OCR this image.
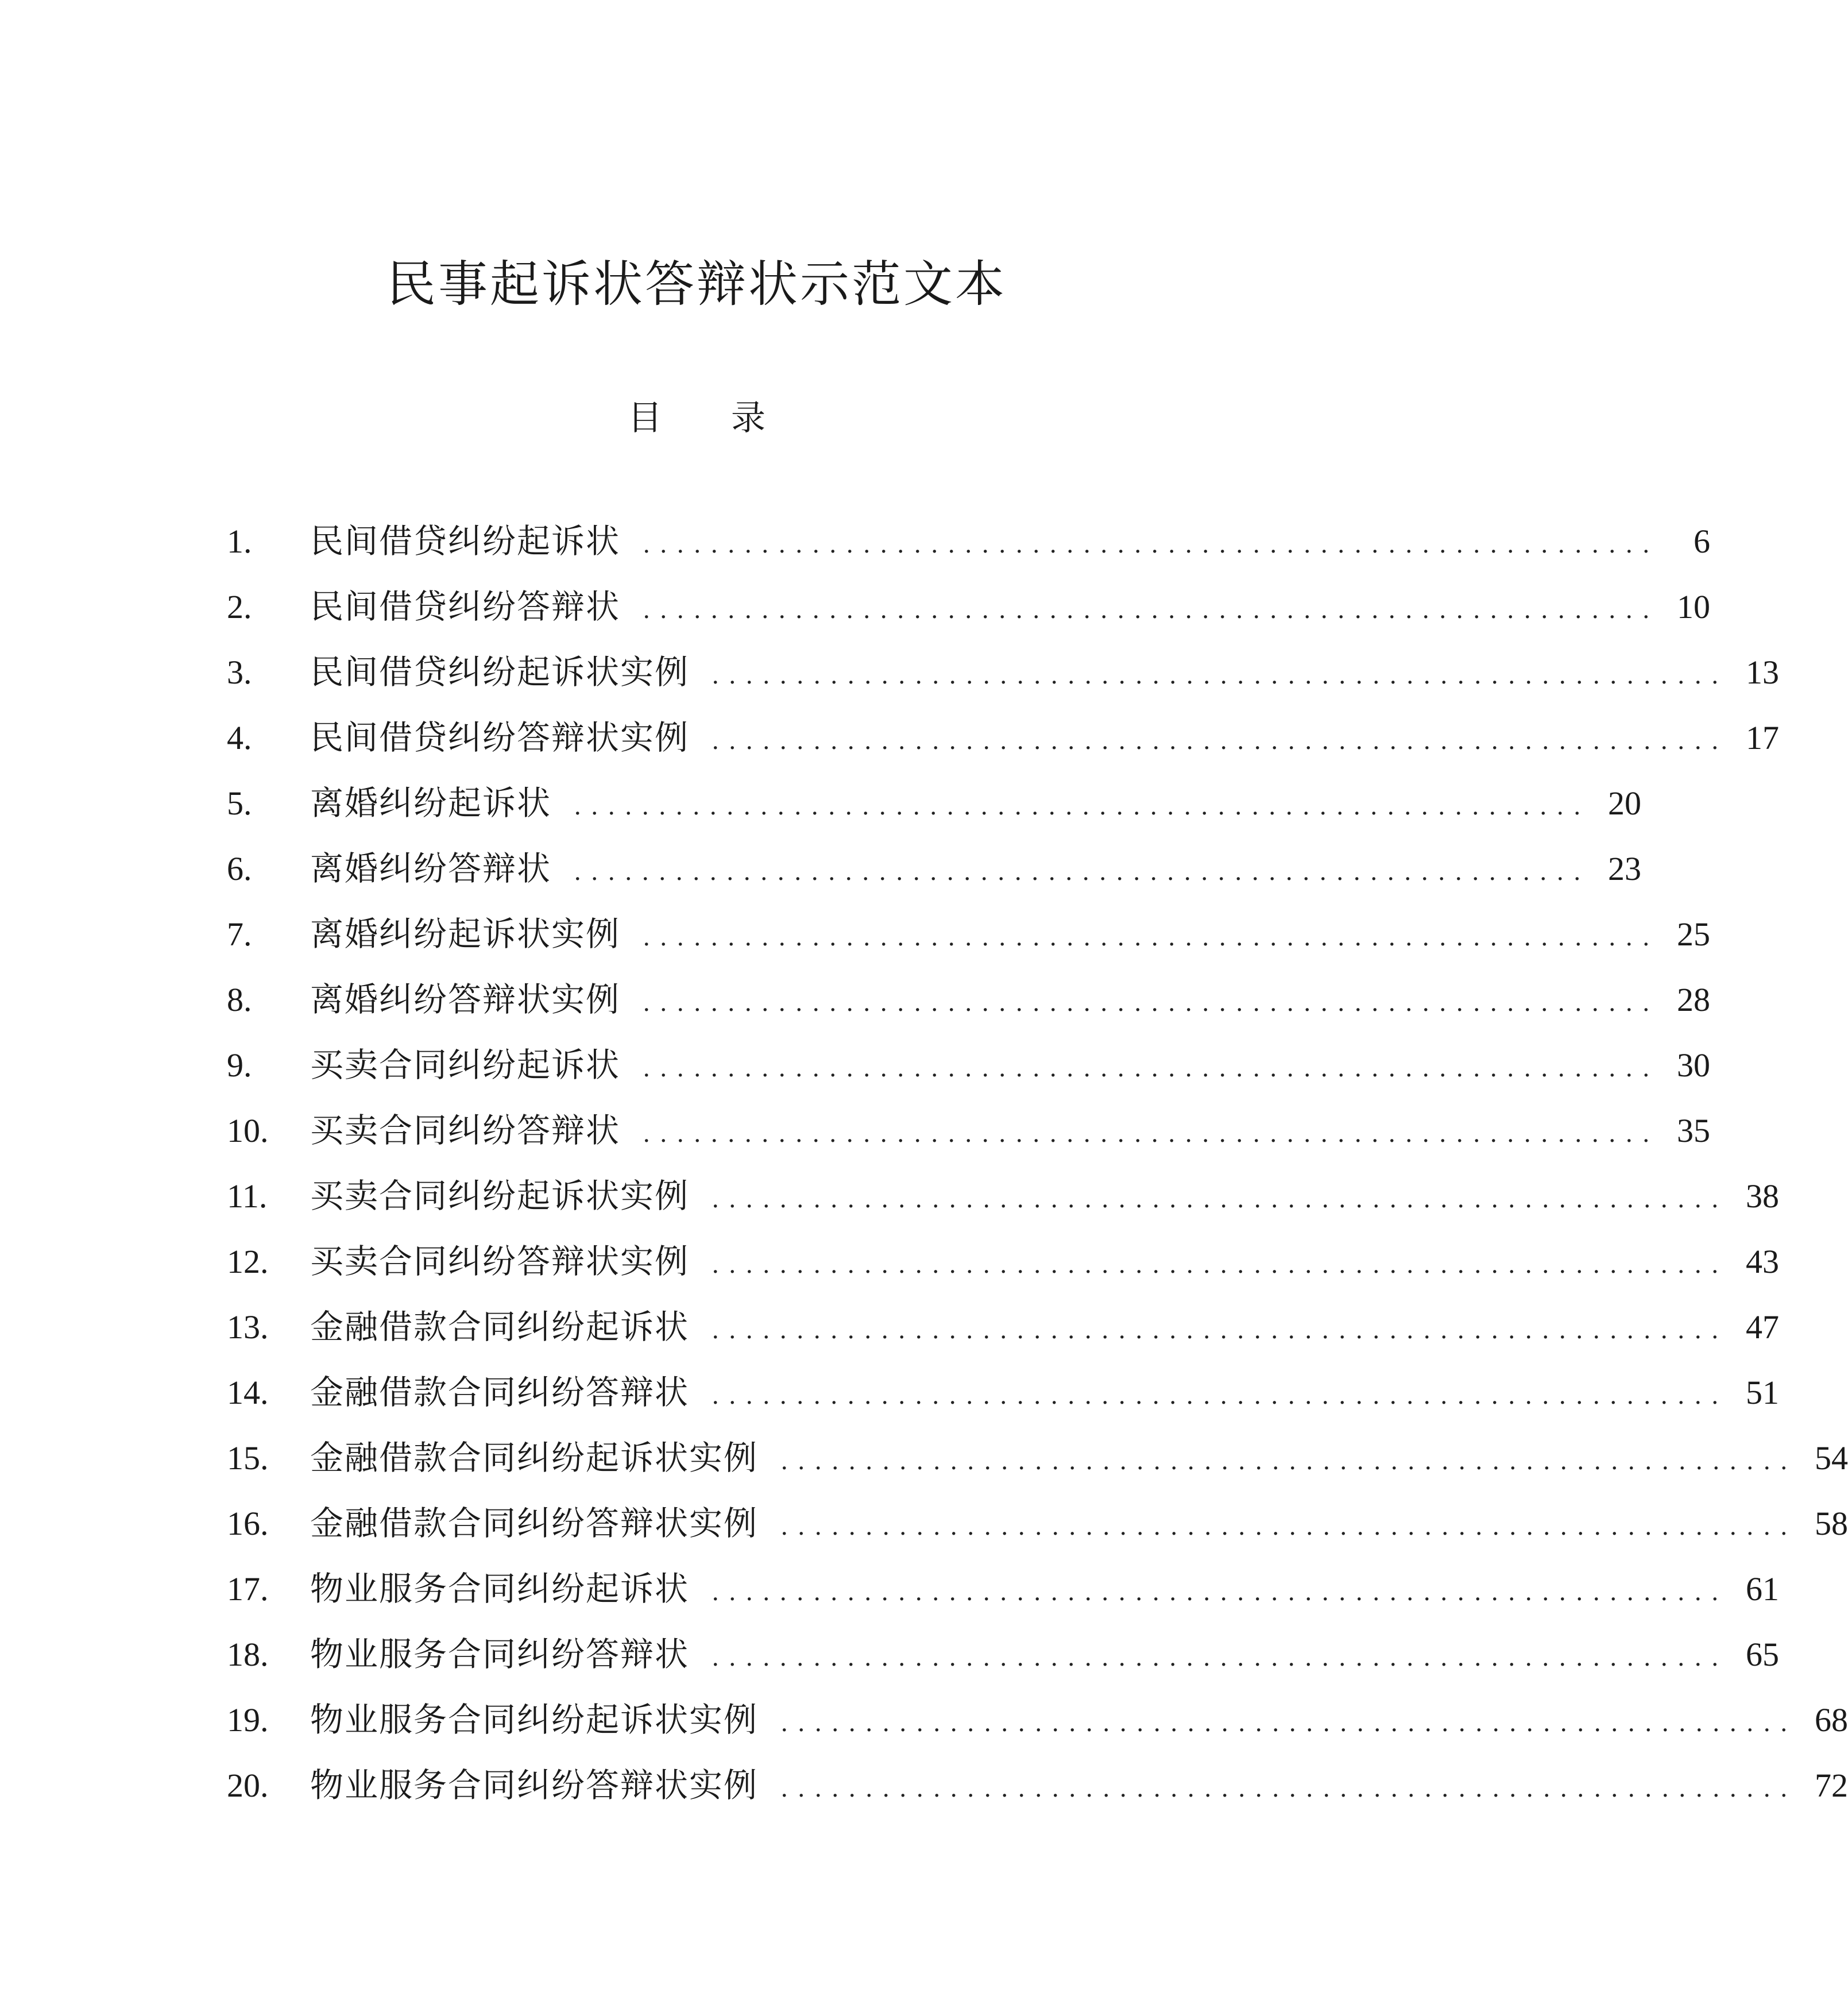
民事起诉状答辩状示范文本
目 录
1.	民间借贷纠纷起诉状 ............................................................	6
2.	民间借贷纠纷答辩状 ............................................................ 10
3.	民间借贷纠纷起诉状实例 ............................................................ 13
4.	民间借贷纠纷答辩状实例 ............................................................ 17
5.	离婚纠纷起诉状 ............................................................ 20
6.	离婚纠纷答辩状 ............................................................ 23
7.	离婚纠纷起诉状实例 ............................................................ 25
8.	离婚纠纷答辩状实例 ............................................................ 28
9.	买卖合同纠纷起诉状 ............................................................ 30
10.	买卖合同纠纷答辩状 ............................................................ 35
11.	买卖合同纠纷起诉状实例 ............................................................ 38
12.	买卖合同纠纷答辩状实例 ............................................................ 43
13.	金融借款合同纠纷起诉状 ............................................................ 47
14.	金融借款合同纠纷答辩状 ............................................................ 51
15.	金融借款合同纠纷起诉状实例 ............................................................ 54
16.	金融借款合同纠纷答辩状实例 ............................................................ 58
17.	物业服务合同纠纷起诉状 ............................................................ 61
18.	物业服务合同纠纷答辩状 ............................................................ 65
19.	物业服务合同纠纷起诉状实例 ............................................................ 68
20.	物业服务合同纠纷答辩状实例 ............................................................ 72
